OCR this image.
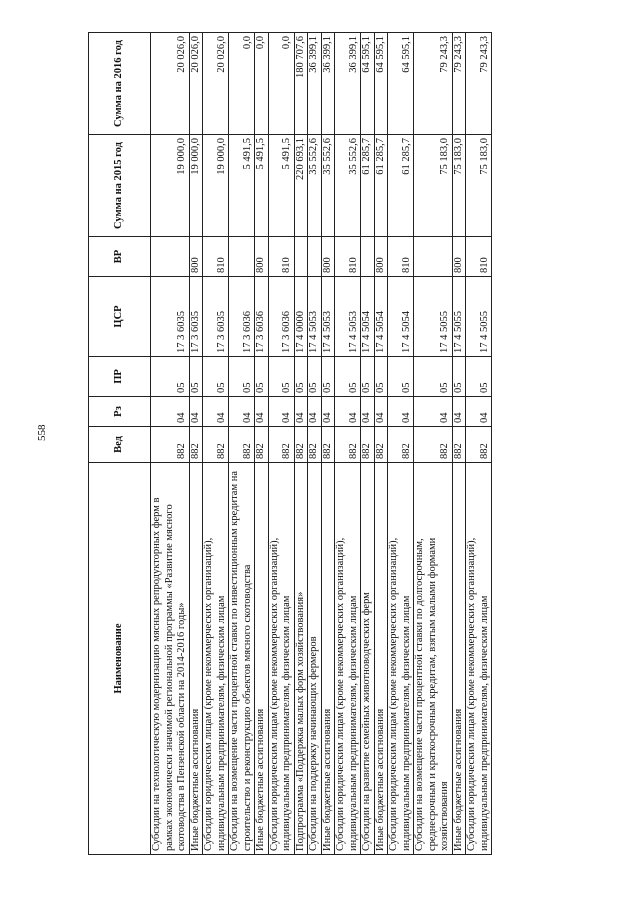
558
Наименование	Вед	Рз	ПР	ЦСР	ВР	Сумма на 2015 год	Сумма на 2016 год
Субсидии на технологическую модернизацию мясных репродукторных ферм в рамках экономически значимой региональной программы «Развитие мясного скотоводства в Пензенской области на 2014-2016 годы»	882	04	05	17 3 6035		19 000,0	20 026,0
Иные бюджетные ассигнования	882	04	05	17 3 6035	800	19 000,0	20 026,0
Субсидии юридическим лицам (кроме некоммерческих организаций), индивидуальным предпринимателям, физическим лицам	882	04	05	17 3 6035	810	19 000,0	20 026,0
Субсидии на возмещение части процентной ставки по инвестиционным кредитам на строительство и реконструкцию объектов мясного скотоводства	882	04	05	17 3 6036		5 491,5	0,0
Иные бюджетные ассигнования	882	04	05	17 3 6036	800	5 491,5	0,0
Субсидии юридическим лицам (кроме некоммерческих организаций), индивидуальным предпринимателям, физическим лицам	882	04	05	17 3 6036	810	5 491,5	0,0
Подпрограмма «Поддержка малых форм хозяйствования»	882	04	05	17 4 0000		220 693,1	180 707,6
Субсидии на поддержку начинающих фермеров	882	04	05	17 4 5053		35 552,6	36 399,1
Иные бюджетные ассигнования	882	04	05	17 4 5053	800	35 552,6	36 399,1
Субсидии юридическим лицам (кроме некоммерческих организаций), индивидуальным предпринимателям, физическим лицам	882	04	05	17 4 5053	810	35 552,6	36 399,1
Субсидии на развитие семейных животноводческих ферм	882	04	05	17 4 5054		61 285,7	64 595,1
Иные бюджетные ассигнования	882	04	05	17 4 5054	800	61 285,7	64 595,1
Субсидии юридическим лицам (кроме некоммерческих организаций), индивидуальным предпринимателям, физическим лицам	882	04	05	17 4 5054	810	61 285,7	64 595,1
Субсидии на возмещение части процентной ставки по долгосрочным, среднесрочным и краткосрочным кредитам, взятым малыми формами хозяйствования	882	04	05	17 4 5055		75 183,0	79 243,3
Иные бюджетные ассигнования	882	04	05	17 4 5055	800	75 183,0	79 243,3
Субсидии юридическим лицам (кроме некоммерческих организаций), индивидуальным предпринимателям, физическим лицам	882	04	05	17 4 5055	810	75 183,0	79 243,3
